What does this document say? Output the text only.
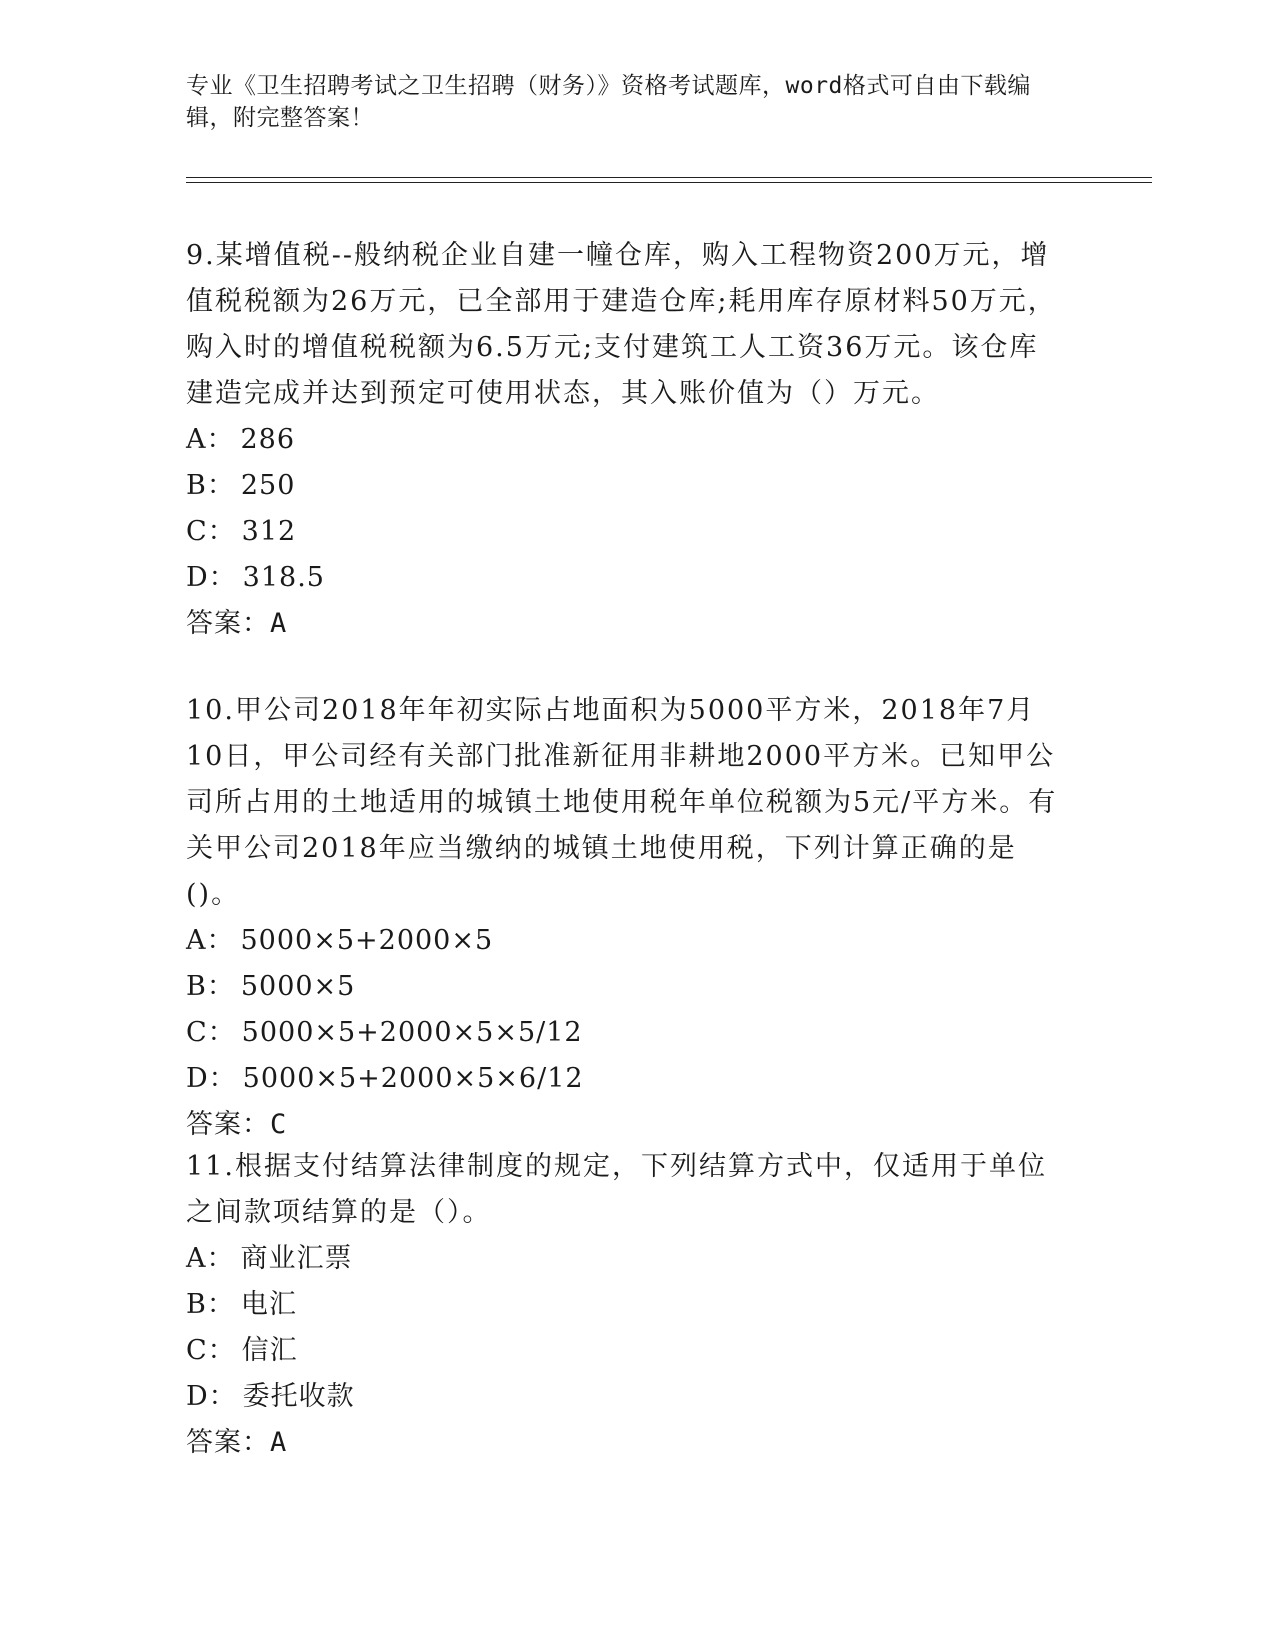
专业《卫生招聘考试之卫生招聘（财务）》资格考试题库，word格式可自由下载编辑，附完整答案！

9.某增值税--般纳税企业自建一幢仓库，购入工程物资200万元，增值税税额为26万元，已全部用于建造仓库;耗用库存原材料50万元，购入时的增值税税额为6.5万元;支付建筑工人工资36万元。该仓库建造完成并达到预定可使用状态，其入账价值为（）万元。

A： 286

B： 250

C： 312

D： 318.5

答案：A

10.甲公司2018年年初实际占地面积为5000平方米，2018年7月10日，甲公司经有关部门批准新征用非耕地2000平方米。已知甲公司所占用的土地适用的城镇土地使用税年单位税额为5元/平方米。有关甲公司2018年应当缴纳的城镇土地使用税，下列计算正确的是()。

A： 5000×5+2000×5

B： 5000×5

C： 5000×5+2000×5×5/12

D： 5000×5+2000×5×6/12

答案：C

11.根据支付结算法律制度的规定，下列结算方式中，仅适用于单位之间款项结算的是（）。

A： 商业汇票

B： 电汇

C： 信汇

D： 委托收款

答案：A
